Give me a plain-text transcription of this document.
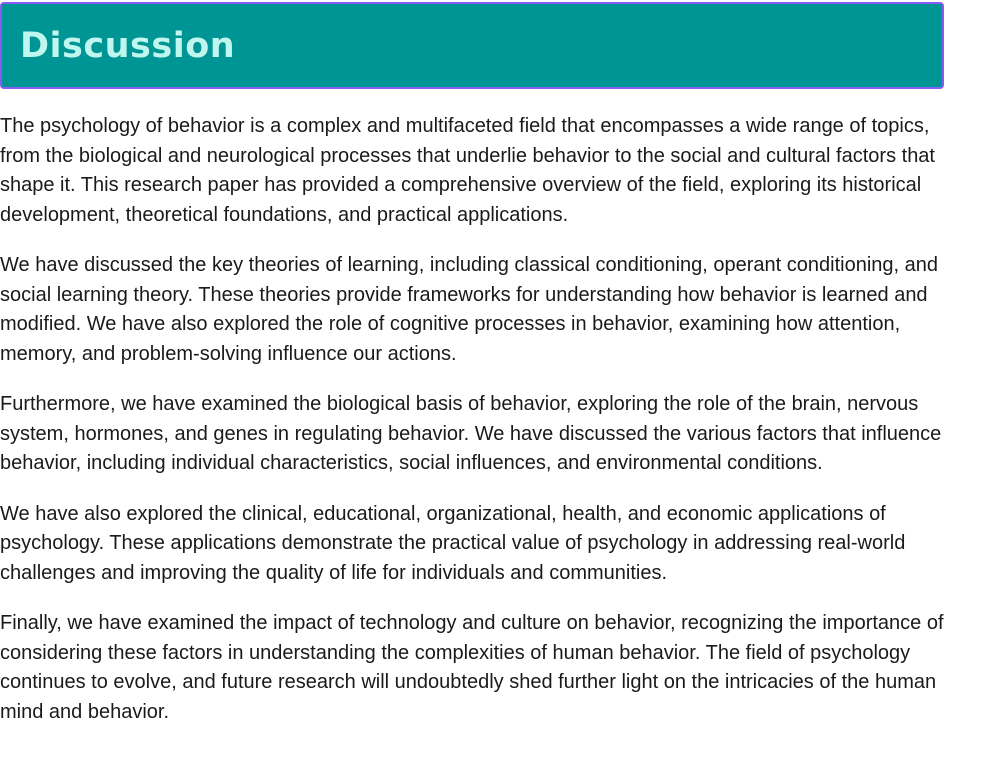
Discussion

The psychology of behavior is a complex and multifaceted field that encompasses a wide range of topics, from the biological and neurological processes that underlie behavior to the social and cultural factors that shape it. This research paper has provided a comprehensive overview of the field, exploring its historical development, theoretical foundations, and practical applications.

We have discussed the key theories of learning, including classical conditioning, operant conditioning, and social learning theory. These theories provide frameworks for understanding how behavior is learned and modified. We have also explored the role of cognitive processes in behavior, examining how attention, memory, and problem-solving influence our actions.

Furthermore, we have examined the biological basis of behavior, exploring the role of the brain, nervous system, hormones, and genes in regulating behavior. We have discussed the various factors that influence behavior, including individual characteristics, social influences, and environmental conditions.

We have also explored the clinical, educational, organizational, health, and economic applications of psychology. These applications demonstrate the practical value of psychology in addressing real-world challenges and improving the quality of life for individuals and communities.

Finally, we have examined the impact of technology and culture on behavior, recognizing the importance of considering these factors in understanding the complexities of human behavior. The field of psychology continues to evolve, and future research will undoubtedly shed further light on the intricacies of the human mind and behavior.
